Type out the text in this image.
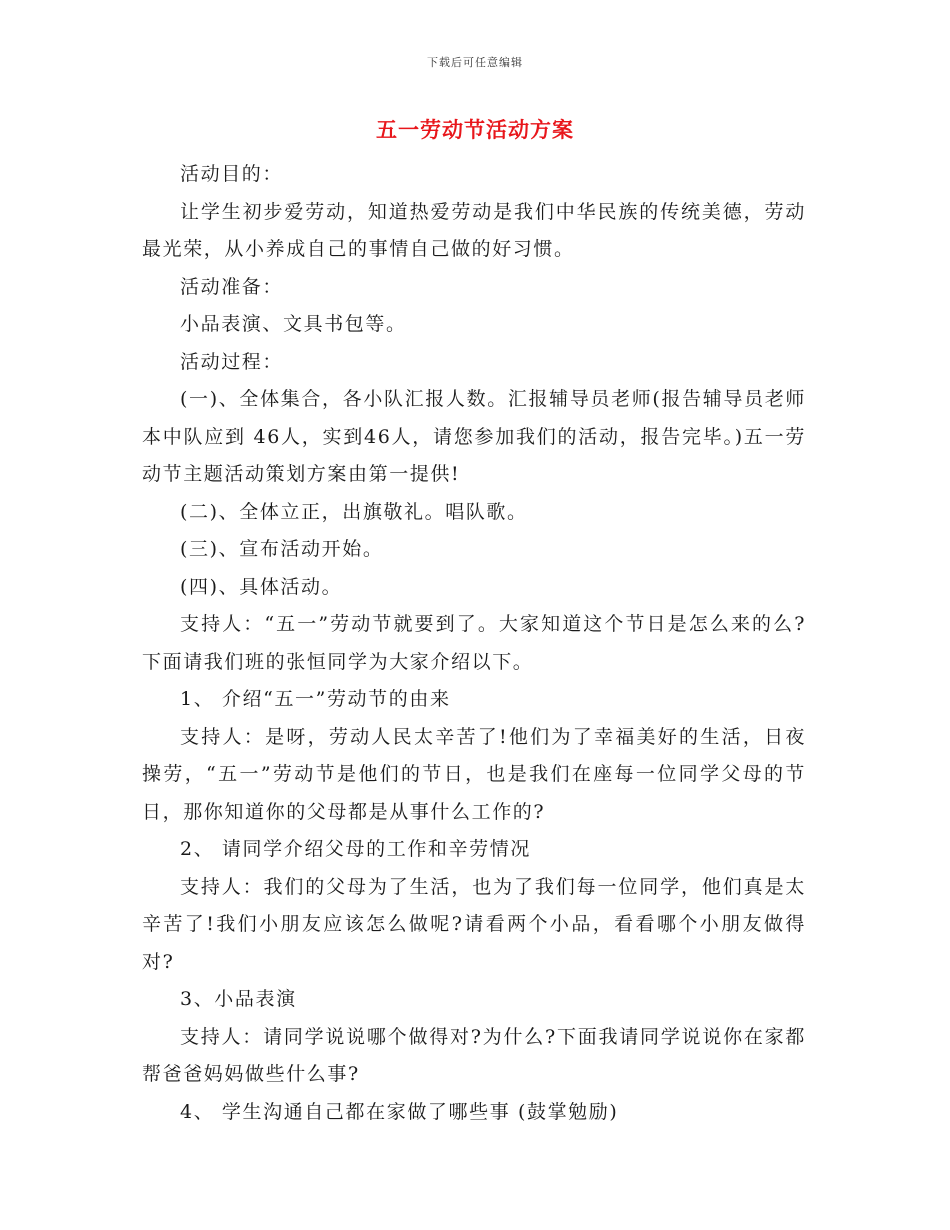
下载后可任意编辑
五一劳动节活动方案

活动目的：

让学生初步爱劳动，知道热爱劳动是我们中华民族的传统美德，劳动最光荣，从小养成自己的事情自己做的好习惯。

活动准备：

小品表演、文具书包等。

活动过程：

(一)、全体集合，各小队汇报人数。汇报辅导员老师(报告辅导员老师本中队应到 46人，实到46人，请您参加我们的活动，报告完毕。)五一劳动节主题活动策划方案由第一提供!

(二)、全体立正，出旗敬礼。唱队歌。

(三)、宣布活动开始。

(四)、具体活动。

支持人：“五一”劳动节就要到了。大家知道这个节日是怎么来的么?下面请我们班的张恒同学为大家介绍以下。

1、 介绍“五一”劳动节的由来

支持人：是呀，劳动人民太辛苦了!他们为了幸福美好的生活，日夜操劳，“五一”劳动节是他们的节日，也是我们在座每一位同学父母的节日，那你知道你的父母都是从事什么工作的?

2、 请同学介绍父母的工作和辛劳情况

支持人：我们的父母为了生活，也为了我们每一位同学，他们真是太辛苦了!我们小朋友应该怎么做呢?请看两个小品，看看哪个小朋友做得对?

3、小品表演

支持人：请同学说说哪个做得对?为什么?下面我请同学说说你在家都帮爸爸妈妈做些什么事?

4、 学生沟通自己都在家做了哪些事 (鼓掌勉励)
